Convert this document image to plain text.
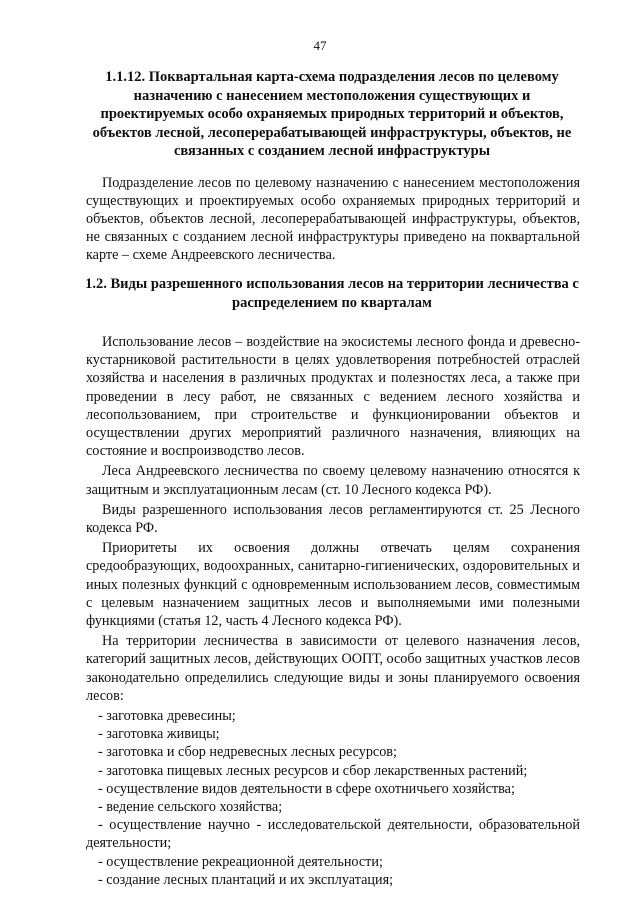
47
1.1.12. Поквартальная карта-схема подразделения лесов по целевому назначению с нанесением местоположения существующих и проектируемых особо охраняемых природных территорий и объектов, объектов лесной, лесоперерабатывающей инфраструктуры, объектов, не связанных с созданием лесной инфраструктуры
Подразделение лесов по целевому назначению с нанесением местоположения существующих и проектируемых особо охраняемых природных территорий и объектов, объектов лесной, лесоперерабатывающей инфраструктуры, объектов, не связанных с созданием лесной инфраструктуры приведено на поквартальной карте – схеме Андреевского лесничества.
1.2. Виды разрешенного использования лесов на территории лесничества с распределением по кварталам

Использование лесов – воздействие на экосистемы лесного фонда и древесно-кустарниковой растительности в целях удовлетворения потребностей отраслей хозяйства и населения в различных продуктах и полезностях леса, а также при проведении в лесу работ, не связанных с ведением лесного хозяйства и лесопользованием, при строительстве и функционировании объектов и осуществлении других мероприятий различного назначения, влияющих на состояние и воспроизводство лесов.

Леса Андреевского лесничества по своему целевому назначению относятся к защитным и эксплуатационным лесам (ст. 10 Лесного кодекса РФ).

Виды разрешенного использования лесов регламентируются ст. 25 Лесного кодекса РФ.

Приоритеты их освоения должны отвечать целям сохранения средообразующих, водоохранных, санитарно-гигиенических, оздоровительных и иных полезных функций с одновременным использованием лесов, совместимым с целевым назначением защитных лесов и выполняемыми ими полезными функциями (статья 12, часть 4 Лесного кодекса РФ).

На территории лесничества в зависимости от целевого назначения лесов, категорий защитных лесов, действующих ООПТ, особо защитных участков лесов законодательно определились следующие виды и зоны планируемого освоения лесов:

- заготовка древесины;

- заготовка живицы;

- заготовка и сбор недревесных лесных ресурсов;

- заготовка пищевых лесных ресурсов и сбор лекарственных растений;

- осуществление видов деятельности в сфере охотничьего хозяйства;

- ведение сельского хозяйства;

- осуществление научно - исследовательской деятельности, образовательной деятельности;

- осуществление рекреационной деятельности;

- создание лесных плантаций и их эксплуатация;
